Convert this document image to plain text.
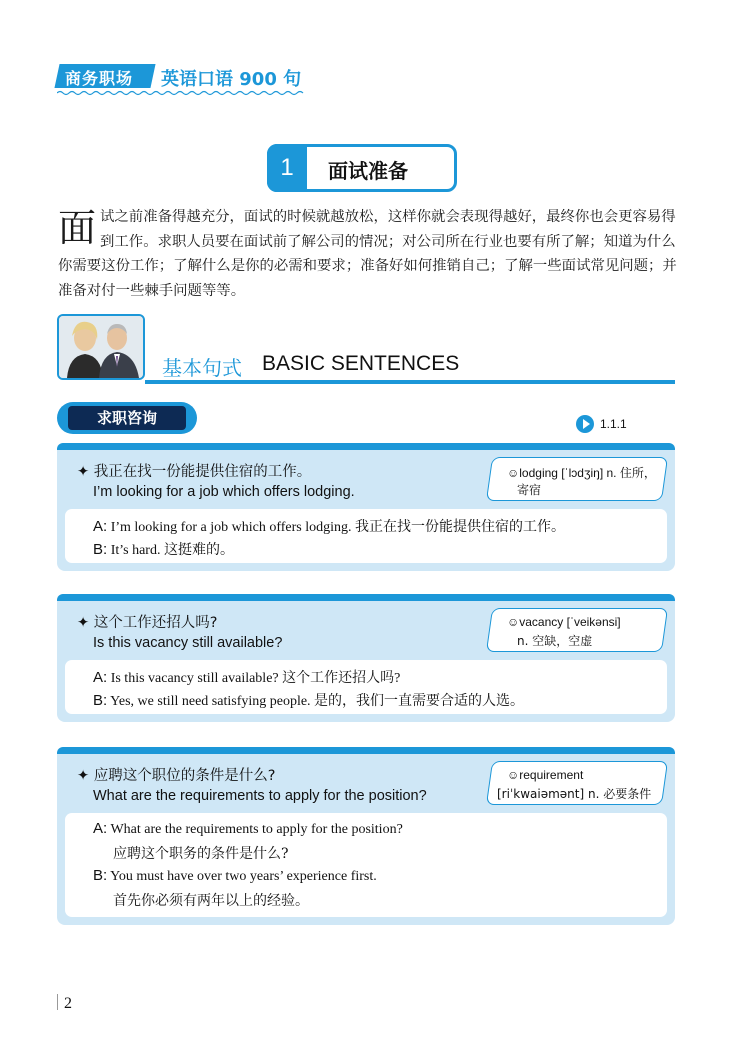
商务职场 英语口语 900 句
1	面试准备
面 试之前准备得越充分，面试的时候就越放松，这样你就会表现得越好，最终你也会更容易得到工作。求职人员要在面试前了解公司的情况；对公司所在行业也要有所了解；知道为什么你需要这份工作；了解什么是你的必需和要求；准备好如何推销自己；了解一些面试常见问题；并准备对付一些棘手问题等等。
基本句式 BASIC SENTENCES
求职咨询	1.1.1
✦ 我正在找一份能提供住宿的工作。
I’m looking for a job which offers lodging.
☺lodging [ˈlɔdʒiŋ] n. 住所，
寄宿
A: I’m looking for a job which offers lodging. 我正在找一份能提供住宿的工作。
B: It’s hard. 这挺难的。
✦ 这个工作还招人吗?
Is this vacancy still available?
☺vacancy [ˈveikənsi]
n. 空缺，空虚
A: Is this vacancy still available? 这个工作还招人吗?
B: Yes, we still need satisfying people. 是的，我们一直需要合适的人选。
✦ 应聘这个职位的条件是什么?
What are the requirements to apply for the position?
☺requirement
[riˈkwaiəmənt] n. 必要条件
A: What are the requirements to apply for the position?
应聘这个职务的条件是什么?
B: You must have over two years’ experience first.
首先你必须有两年以上的经验。
2
